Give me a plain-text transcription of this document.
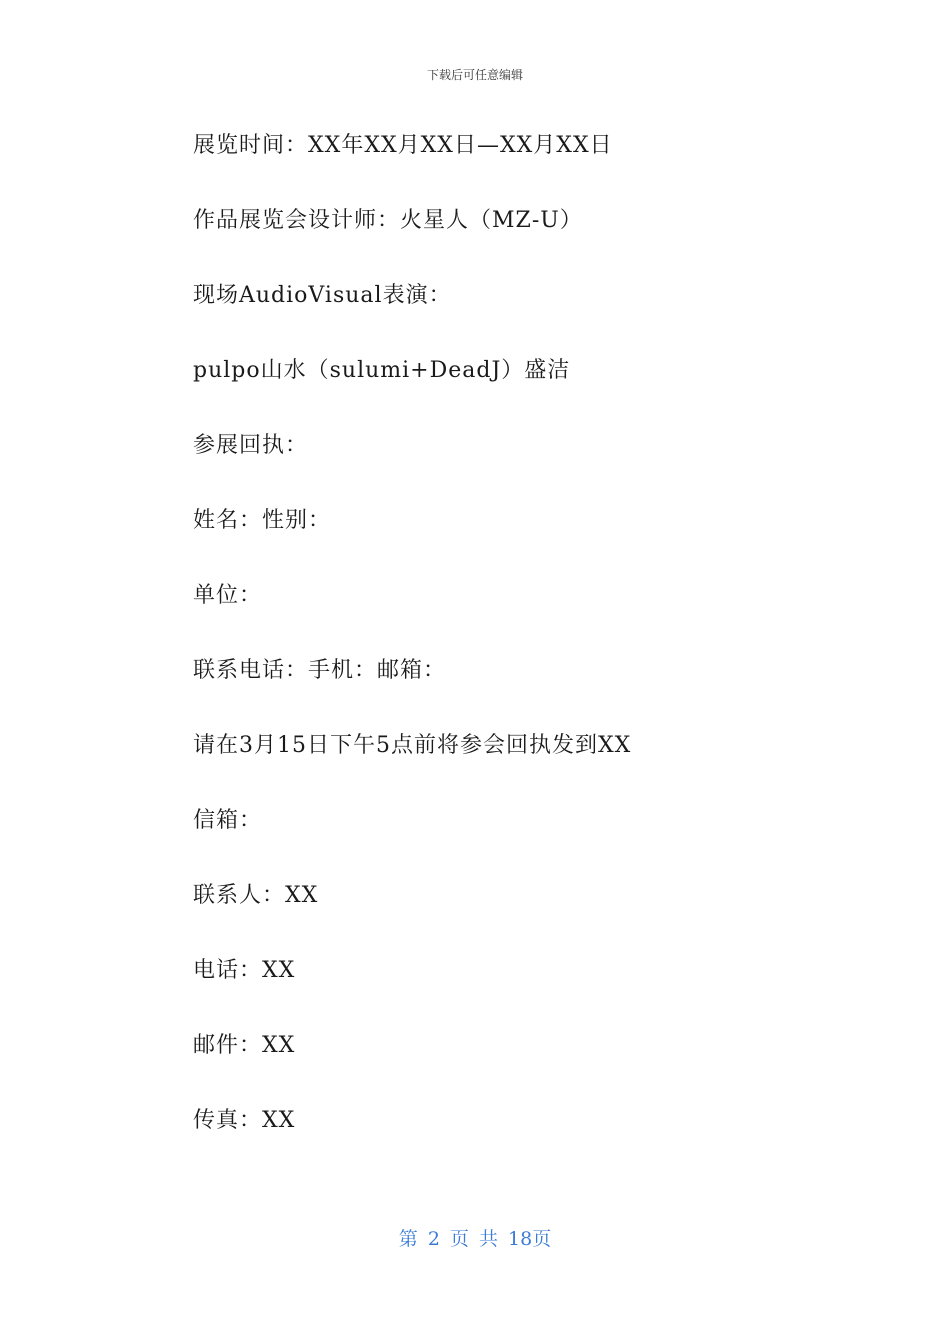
下载后可任意编辑
展览时间：XX年XX月XX日—XX月XX日
作品展览会设计师：火星人（MZ-U）
现场AudioVisual表演：
pulpo山水（sulumi+DeadJ）盛洁
参展回执：
姓名：性别：
单位：
联系电话：手机：邮箱：
请在3月15日下午5点前将参会回执发到XX
信箱：
联系人：XX
电话：XX
邮件：XX
传真：XX
第 2 页 共 18页
